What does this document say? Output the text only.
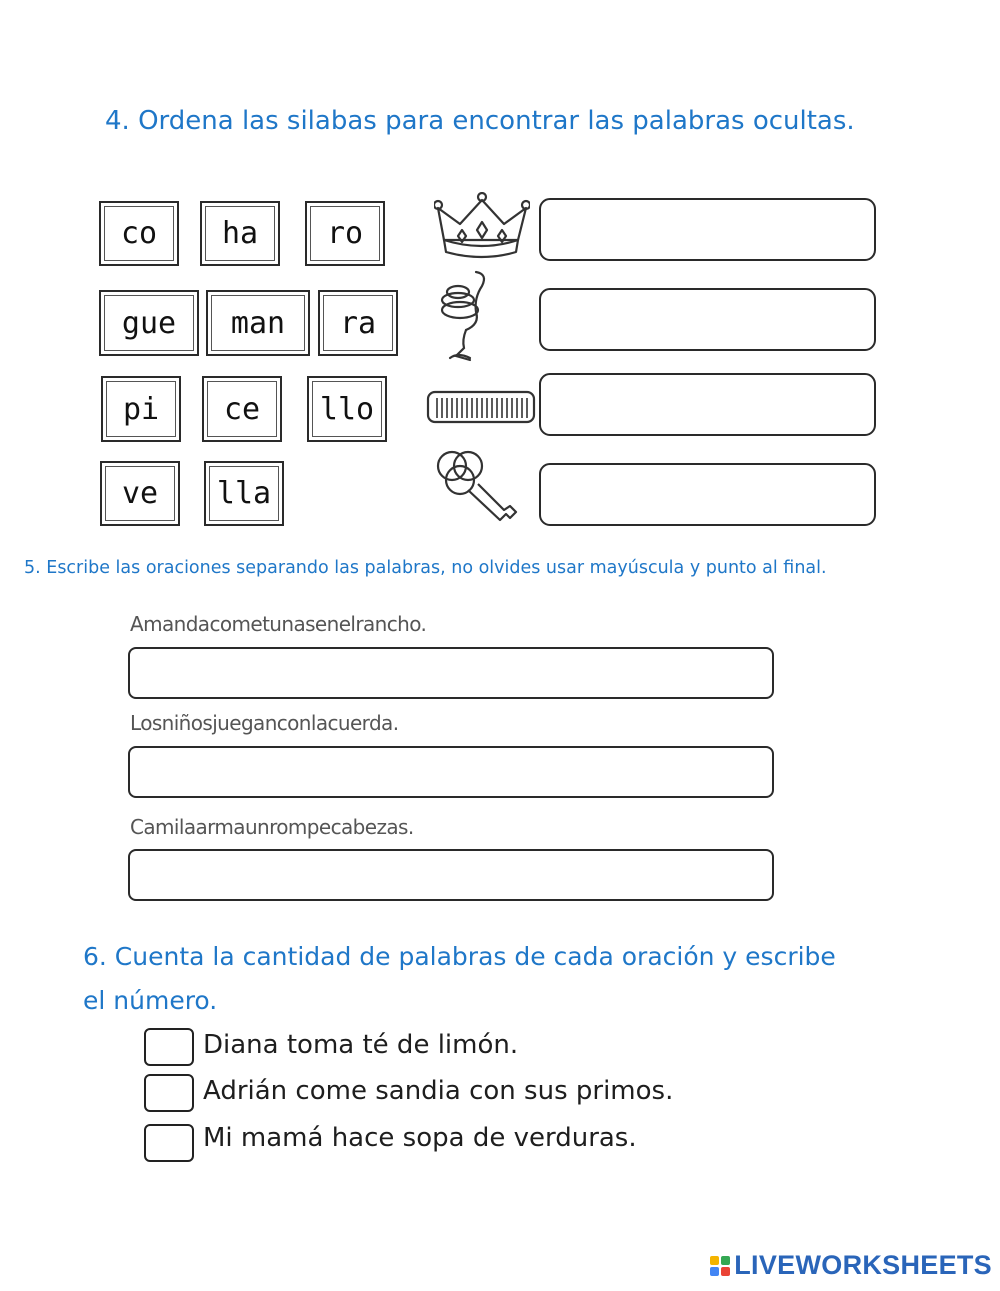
4. Ordena las silabas para encontrar las palabras ocultas.
co	ha	ro
gue	man	ra
pi	ce	llo
ve	lla
5. Escribe las oraciones separando las palabras, no olvides usar mayúscula y punto al final.
Amandacometunasenelrancho.
Losniñosjueganconlacuerda.
Camilaarmaunrompecabezas.
6. Cuenta la cantidad de palabras de cada oración y escribe el número.
Diana toma té de limón.
Adrián come sandia con sus primos.
Mi mamá hace sopa de verduras.
LIVEWORKSHEETS
